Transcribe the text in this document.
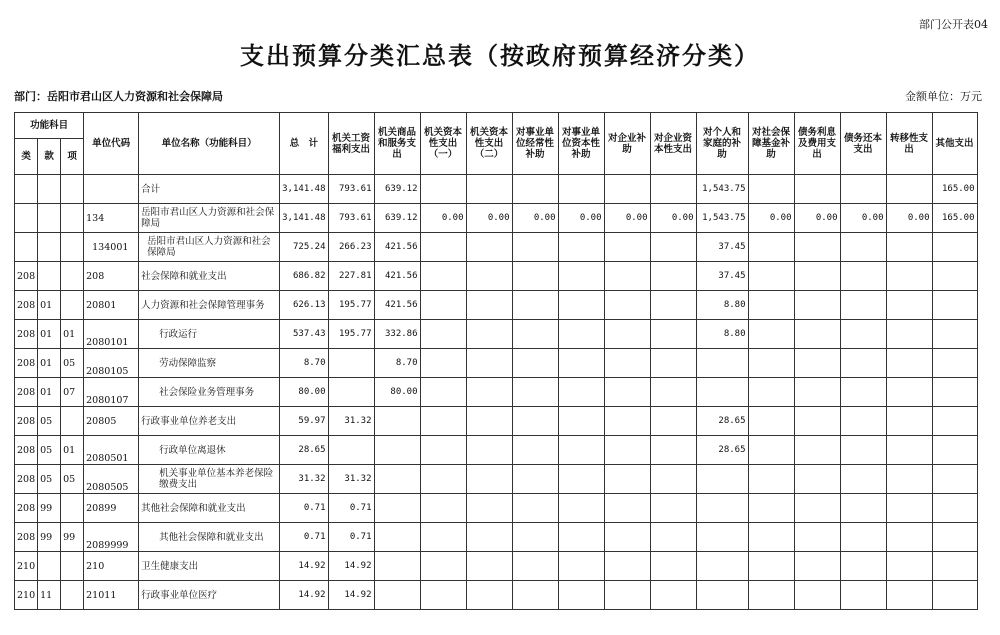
部门公开表04
支出预算分类汇总表（按政府预算经济分类）
部门：岳阳市君山区人力资源和社会保障局	金额单位：万元
功能科目			单位代码	单位名称（功能科目）	总　计	机关工资福利支出	机关商品和服务支出	机关资本性支出（一）	机关资本性支出（二）	对事业单位经常性补助	对事业单位资本性补助	对企业补助	对企业资本性支出	对个人和家庭的补助	对社会保障基金补助	债务利息及费用支出	债务还本支出	转移性支出	其他支出
类	款	项																	
				合计	3,141.48	793.61	639.12							1,543.75					165.00
			134	岳阳市君山区人力资源和社会保障局	3,141.48	793.61	639.12	0.00	0.00	0.00	0.00	0.00	0.00	1,543.75	0.00	0.00	0.00	0.00	165.00
			134001	岳阳市君山区人力资源和社会保障局	725.24	266.23	421.56							37.45					
208			208	社会保障和就业支出	686.82	227.81	421.56							37.45					
208	01		20801	人力资源和社会保障管理事务	626.13	195.77	421.56							8.80					
208	01	01	2080101	行政运行	537.43	195.77	332.86							8.80					
208	01	05	2080105	劳动保障监察	8.70		8.70												
208	01	07	2080107	社会保险业务管理事务	80.00		80.00												
208	05		20805	行政事业单位养老支出	59.97	31.32								28.65					
208	05	01	2080501	行政单位离退休	28.65									28.65					
208	05	05	2080505	机关事业单位基本养老保险缴费支出	31.32	31.32													
208	99		20899	其他社会保障和就业支出	0.71	0.71													
208	99	99	2089999	其他社会保障和就业支出	0.71	0.71													
210			210	卫生健康支出	14.92	14.92													
210	11		21011	行政事业单位医疗	14.92	14.92													
